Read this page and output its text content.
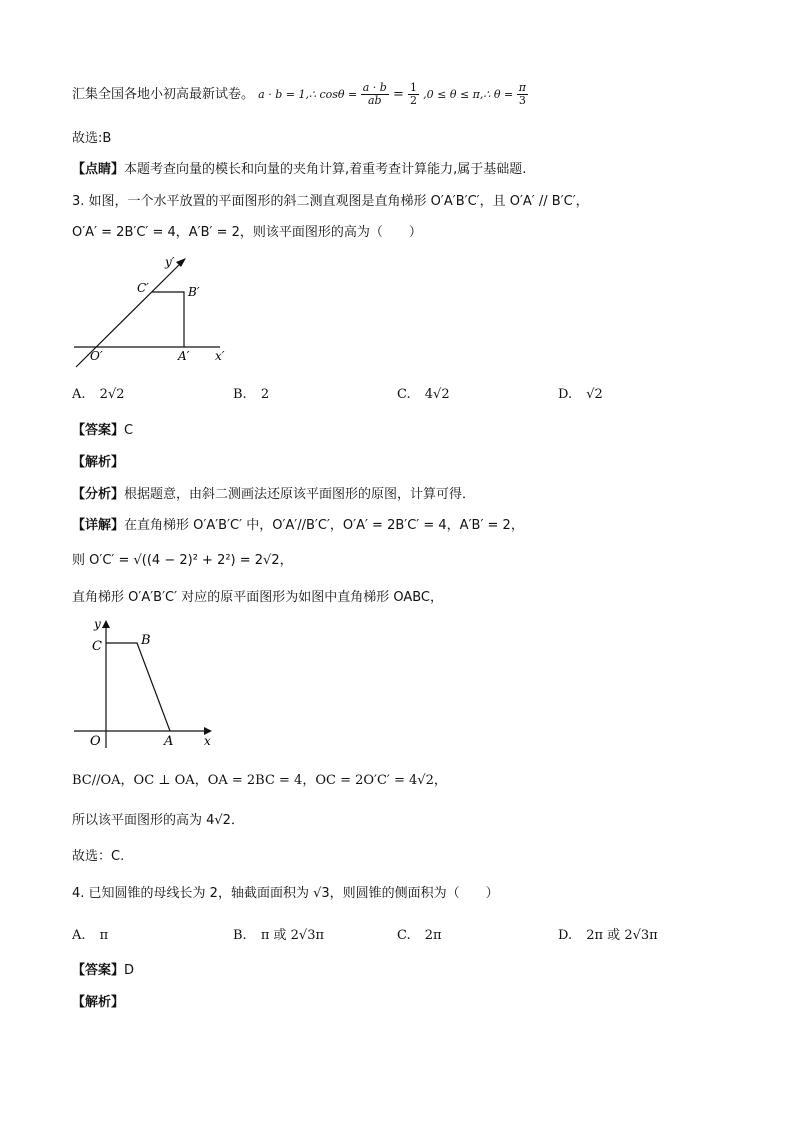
汇集全国各地小初高最新试卷。 a · b = 1,∴ $\cos\theta = \frac{a \cdot b}{ab} = \frac{1}{2} ,0 \le \theta$ ≤ π,∴ $\theta = \frac{\pi}{3}$
故选:B
【点睛】本题考查向量的模长和向量的夹角计算,着重考查计算能力,属于基础题.
3. 如图，一个水平放置的平面图形的斜二测直观图是直角梯形 O′A′B′C′，且 O′A′ // B′C′，
O′A′ = 2B′C′ = 4，A′B′ = 2，则该平面图形的高为（　　）
y′
C′	B′
O′	A′ x′
A. 2√2	B. 2	C. 4√2	D. √2
【答案】C
【解析】
【分析】根据题意，由斜二测画法还原该平面图形的原图，计算可得．
【详解】在直角梯形 O′A′B′C′ 中，O′A′//B′C′，O′A′ = 2B′C′ = 4，A′B′ = 2，
则 O′C′ = √((4 − 2)² + 2²) = 2√2，
直角梯形 O′A′B′C′ 对应的原平面图形为如图中直角梯形 OABC，
y
C	B
O	A	x
BC//OA，OC ⊥ OA，OA = 2BC = 4，OC = 2O′C′ = 4√2，
所以该平面图形的高为 4√2．
故选：C.
4. 已知圆锥的母线长为 2，轴截面面积为 √3，则圆锥的侧面积为（　　）
A. π	B. π 或 2√3π	C. 2π	D. 2π 或 2√3π
【答案】D
【解析】
